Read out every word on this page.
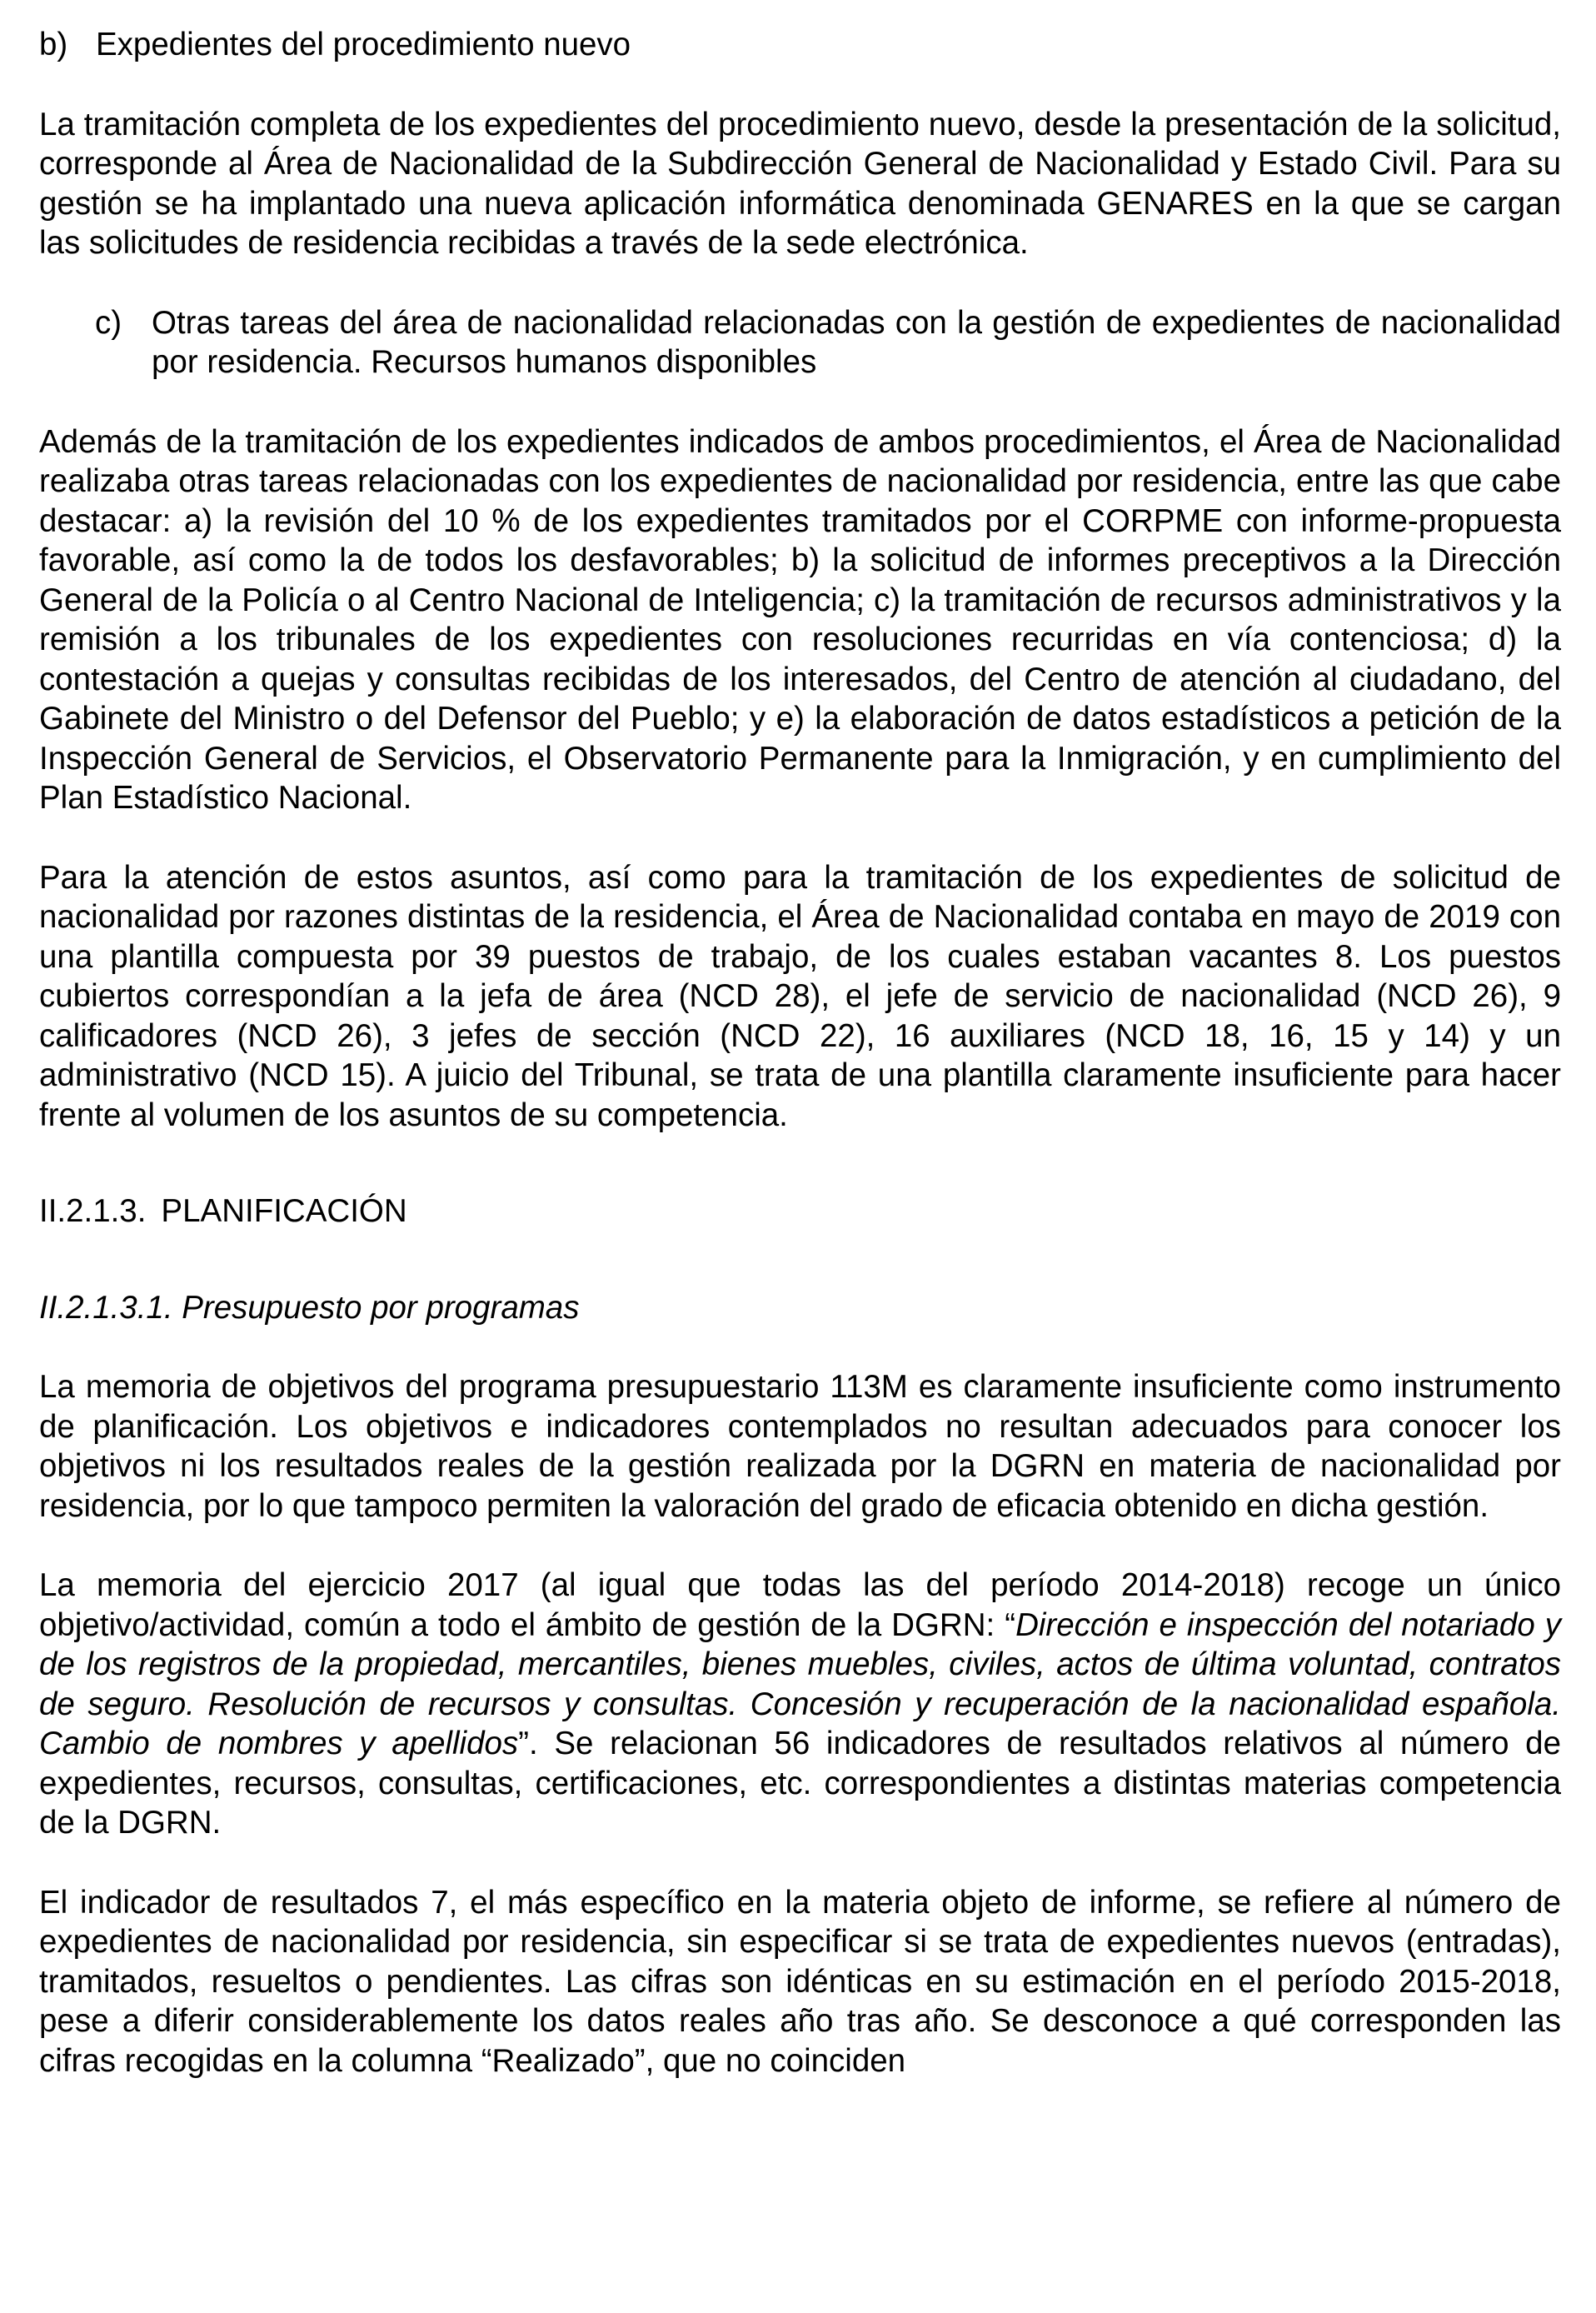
b) Expedientes del procedimiento nuevo

La tramitación completa de los expedientes del procedimiento nuevo, desde la presentación de la solicitud, corresponde al Área de Nacionalidad de la Subdirección General de Nacionalidad y Estado Civil. Para su gestión se ha implantado una nueva aplicación informática denominada GENARES en la que se cargan las solicitudes de residencia recibidas a través de la sede electrónica.

c) Otras tareas del área de nacionalidad relacionadas con la gestión de expedientes de nacionalidad por residencia. Recursos humanos disponibles

Además de la tramitación de los expedientes indicados de ambos procedimientos, el Área de Nacionalidad realizaba otras tareas relacionadas con los expedientes de nacionalidad por residencia, entre las que cabe destacar: a) la revisión del 10 % de los expedientes tramitados por el CORPME con informe-propuesta favorable, así como la de todos los desfavorables; b) la solicitud de informes preceptivos a la Dirección General de la Policía o al Centro Nacional de Inteligencia; c) la tramitación de recursos administrativos y la remisión a los tribunales de los expedientes con resoluciones recurridas en vía contenciosa; d) la contestación a quejas y consultas recibidas de los interesados, del Centro de atención al ciudadano, del Gabinete del Ministro o del Defensor del Pueblo; y e) la elaboración de datos estadísticos a petición de la Inspección General de Servicios, el Observatorio Permanente para la Inmigración, y en cumplimiento del Plan Estadístico Nacional.

Para la atención de estos asuntos, así como para la tramitación de los expedientes de solicitud de nacionalidad por razones distintas de la residencia, el Área de Nacionalidad contaba en mayo de 2019 con una plantilla compuesta por 39 puestos de trabajo, de los cuales estaban vacantes 8. Los puestos cubiertos correspondían a la jefa de área (NCD 28), el jefe de servicio de nacionalidad (NCD 26), 9 calificadores (NCD 26), 3 jefes de sección (NCD 22), 16 auxiliares (NCD 18, 16, 15 y 14) y un administrativo (NCD 15). A juicio del Tribunal, se trata de una plantilla claramente insuficiente para hacer frente al volumen de los asuntos de su competencia.

II.2.1.3. PLANIFICACIÓN
II.2.1.3.1. Presupuesto por programas

La memoria de objetivos del programa presupuestario 113M es claramente insuficiente como instrumento de planificación. Los objetivos e indicadores contemplados no resultan adecuados para conocer los objetivos ni los resultados reales de la gestión realizada por la DGRN en materia de nacionalidad por residencia, por lo que tampoco permiten la valoración del grado de eficacia obtenido en dicha gestión.

La memoria del ejercicio 2017 (al igual que todas las del período 2014-2018) recoge un único objetivo/actividad, común a todo el ámbito de gestión de la DGRN: “Dirección e inspección del notariado y de los registros de la propiedad, mercantiles, bienes muebles, civiles, actos de última voluntad, contratos de seguro. Resolución de recursos y consultas. Concesión y recuperación de la nacionalidad española. Cambio de nombres y apellidos”. Se relacionan 56 indicadores de resultados relativos al número de expedientes, recursos, consultas, certificaciones, etc. correspondientes a distintas materias competencia de la DGRN.

El indicador de resultados 7, el más específico en la materia objeto de informe, se refiere al número de expedientes de nacionalidad por residencia, sin especificar si se trata de expedientes nuevos (entradas), tramitados, resueltos o pendientes. Las cifras son idénticas en su estimación en el período 2015-2018, pese a diferir considerablemente los datos reales año tras año. Se desconoce a qué corresponden las cifras recogidas en la columna “Realizado”, que no coinciden
